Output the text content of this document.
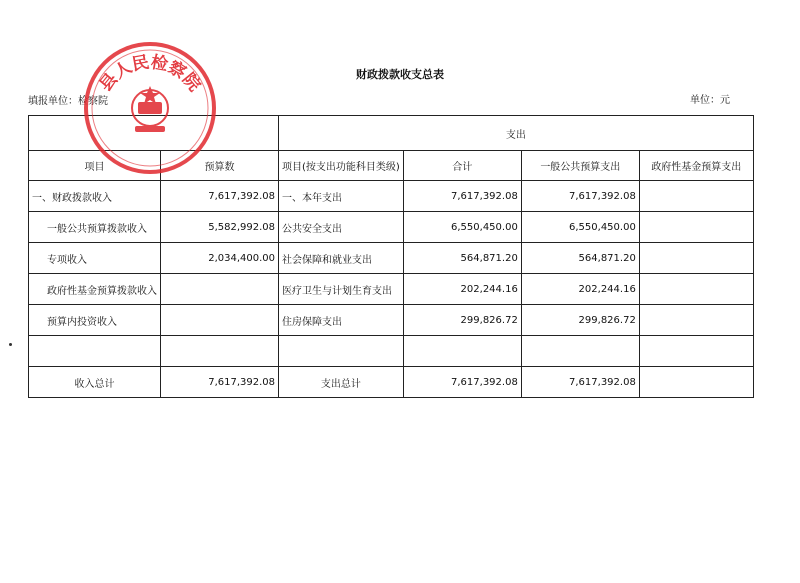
财政拨款收支总表
填报单位：检察院	单位：元
		支出			
项目	预算数	项目(按支出功能科目类级)	合计	一般公共预算支出	政府性基金预算支出
一、财政拨款收入	7,617,392.08	一、本年支出	7,617,392.08	7,617,392.08	
一般公共预算拨款收入	5,582,992.08	公共安全支出	6,550,450.00	6,550,450.00	
专项收入	2,034,400.00	社会保障和就业支出	564,871.20	564,871.20	
政府性基金预算拨款收入		医疗卫生与计划生育支出	202,244.16	202,244.16	
预算内投资收入		住房保障支出	299,826.72	299,826.72	

收入总计	7,617,392.08	支出总计	7,617,392.08	7,617,392.08	
县人民检察院
